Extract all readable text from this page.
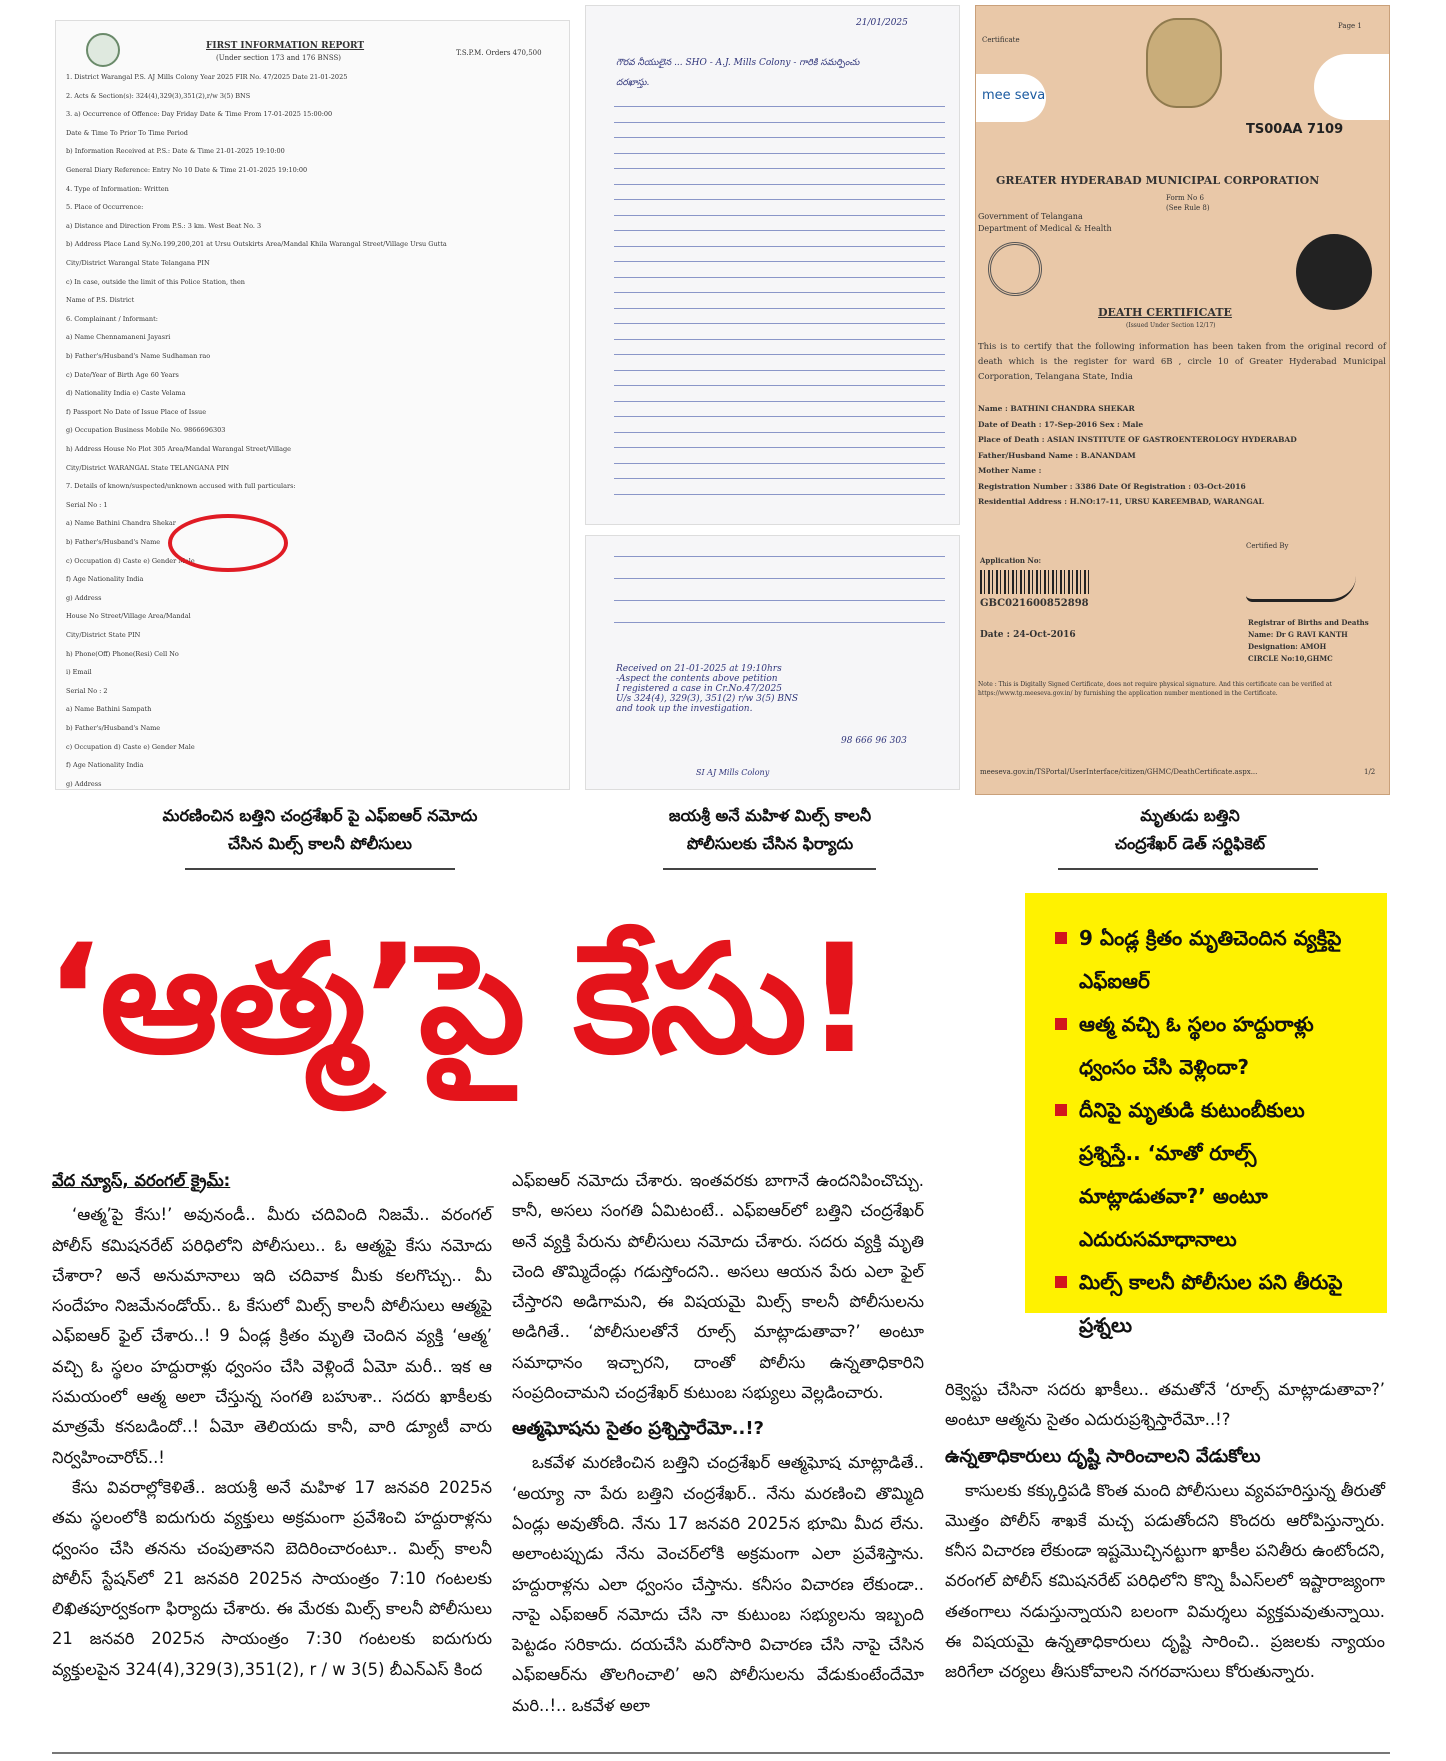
FIRST INFORMATION REPORT
(Under section 173 and 176 BNSS)
T.S.P.M. Orders 470,500
1. District Warangal P.S. AJ Mills Colony Year 2025 FIR No. 47/2025 Date 21-01-2025
2. Acts & Section(s): 324(4),329(3),351(2),r/w 3(5) BNS
3. a) Occurrence of Offence: Day Friday Date & Time From 17-01-2025 15:00:00
Date & Time To Prior To Time Period
b) Information Received at P.S.: Date & Time 21-01-2025 19:10:00
General Diary Reference: Entry No 10 Date & Time 21-01-2025 19:10:00
4. Type of Information: Written
5. Place of Occurrence:
a) Distance and Direction From P.S.: 3 km. West Beat No. 3
b) Address Place Land Sy.No.199,200,201 at Ursu Outskirts Area/Mandal Khila Warangal Street/Village Ursu Gutta
City/District Warangal State Telangana PIN
c) In case, outside the limit of this Police Station, then
Name of P.S. District
6. Complainant / Informant:
a) Name Chennamaneni Jayasri
b) Father's/Husband's Name Sudhaman rao
c) Date/Year of Birth Age 60 Years
d) Nationality India e) Caste Velama
f) Passport No Date of Issue Place of Issue
g) Occupation Business Mobile No. 9866696303
h) Address House No Plot 305 Area/Mandal Warangal Street/Village
City/District WARANGAL State TELANGANA PIN
7. Details of known/suspected/unknown accused with full particulars:
Serial No : 1
a) Name Bathini Chandra Shekar
b) Father's/Husband's Name
c) Occupation d) Caste e) Gender Male
f) Age Nationality India
g) Address
House No Street/Village Area/Mandal
City/District State PIN
h) Phone(Off) Phone(Resi) Cell No
i) Email
Serial No : 2
a) Name Bathini Sampath
b) Father's/Husband's Name
c) Occupation d) Caste e) Gender Male
f) Age Nationality India
g) Address
21/01/2025
గౌరవ నీయులైన ... SHO - A.J. Mills Colony - గారికి సమర్పించు
దరఖాస్తు.
Received on 21-01-2025 at 19:10hrs
-Aspect the contents above petition
I registered a case in Cr.No.47/2025
U/s 324(4), 329(3), 351(2) r/w 3(5) BNS
and took up the investigation.
98 666 96 303
SI AJ Mills Colony
Page 1
Certificate
mee seva
TS00AA 7109
GREATER HYDERABAD MUNICIPAL CORPORATION
Form No 6
(See Rule 8)
Government of Telangana
Department of Medical & Health
DEATH CERTIFICATE
(Issued Under Section 12/17)
This is to certify that the following information has been taken from the original record of death which is the register for ward 6B , circle 10 of Greater Hyderabad Municipal Corporation, Telangana State, India
Name : BATHINI CHANDRA SHEKAR
Date of Death : 17-Sep-2016 Sex : Male
Place of Death : ASIAN INSTITUTE OF GASTROENTEROLOGY HYDERABAD
Father/Husband Name : B.ANANDAM
Mother Name :
Registration Number : 3386 Date Of Registration : 03-Oct-2016
Residential Address : H.NO:17-11, URSU KAREEMBAD, WARANGAL
Certified By
Application No:
GBC021600852898
Date : 24-Oct-2016
Registrar of Births and Deaths
Name: Dr G RAVI KANTH
Designation: AMOH
CIRCLE No:10,GHMC
Note : This is Digitally Signed Certificate, does not require physical signature. And this certificate can be verified at https://www.tg.meeseva.gov.in/ by furnishing the application number mentioned in the Certificate.
meeseva.gov.in/TSPortal/UserInterface/citizen/GHMC/DeathCertificate.aspx...	1/2
మరణించిన బత్తిని చంద్రశేఖర్ పై ఎఫ్ఐఆర్ నమోదు
చేసిన మిల్స్ కాలనీ పోలీసులు
జయశ్రీ అనే మహిళ మిల్స్ కాలనీ
పోలీసులకు చేసిన ఫిర్యాదు
మృతుడు బత్తిని
చంద్రశేఖర్ డెత్ సర్టిఫికెట్
‘ఆత్మ’పై కేసు!	9 ఏండ్ల క్రితం మృతిచెందిన వ్యక్తిపై ఎఫ్ఐఆర్
ఆత్మ వచ్చి ఓ స్థలం హద్దురాళ్లు ధ్వంసం చేసి వెళ్లిందా?
దీనిపై మృతుడి కుటుంబీకులు ప్రశ్నిస్తే.. ‘మాతో రూల్స్ మాట్లాడుతవా?’ అంటూ ఎదురుసమాధానాలు
మిల్స్ కాలనీ పోలీసుల పని తీరుపై ప్రశ్నలు
వేద న్యూస్, వరంగల్ క్రైమ్:

‘ఆత్మ’పై కేసు!’ అవునండీ.. మీరు చదివింది నిజమే.. వరంగల్ పోలీస్ కమిషనరేట్ పరిధిలోని పోలీసులు.. ఓ ఆత్మపై కేసు నమోదు చేశారా? అనే అనుమానాలు ఇది చదివాక మీకు కలగొచ్చు.. మీ సందేహం నిజమేనండోయ్.. ఓ కేసులో మిల్స్ కాలనీ పోలీసులు ఆత్మపై ఎఫ్ఐఆర్ ఫైల్ చేశారు..! 9 ఏండ్ల క్రితం మృతి చెందిన వ్యక్తి ‘ఆత్మ’ వచ్చి ఓ స్థలం హద్దురాళ్లు ధ్వంసం చేసి వెళ్లిందే ఏమో మరీ.. ఇక ఆ సమయంలో ఆత్మ అలా చేస్తున్న సంగతి బహుశా.. సదరు ఖాకీలకు మాత్రమే కనబడిందో..! ఏమో తెలియదు కానీ, వారి డ్యూటీ వారు నిర్వహించారోచ్..!

కేసు వివరాల్లోకెళితే.. జయశ్రీ అనే మహిళ 17 జనవరి 2025న తమ స్థలంలోకి ఐదుగురు వ్యక్తులు అక్రమంగా ప్రవేశించి హద్దురాళ్లను ధ్వంసం చేసి తనను చంపుతానని బెదిరించారంటూ.. మిల్స్ కాలనీ పోలీస్ స్టేషన్‌లో 21 జనవరి 2025న సాయంత్రం 7:10 గంటలకు లిఖితపూర్వకంగా ఫిర్యాదు చేశారు. ఈ మేరకు మిల్స్ కాలనీ పోలీసులు 21 జనవరి 2025న సాయంత్రం 7:30 గంటలకు ఐదుగురు వ్యక్తులపైన 324(4),329(3),351(2), r / w 3(5) బీఎన్ఎస్ కింద

ఎఫ్ఐఆర్ నమోదు చేశారు. ఇంతవరకు బాగానే ఉందనిపించొచ్చు. కానీ, అసలు సంగతి ఏమిటంటే.. ఎఫ్ఐఆర్‌లో బత్తిని చంద్రశేఖర్ అనే వ్యక్తి పేరును పోలీసులు నమోదు చేశారు. సదరు వ్యక్తి మృతి చెంది తొమ్మిదేండ్లు గడుస్తోందని.. అసలు ఆయన పేరు ఎలా ఫైల్ చేస్తారని అడిగామని, ఈ విషయమై మిల్స్ కాలనీ పోలీసులను అడిగితే.. ‘పోలీసులతోనే రూల్స్ మాట్లాడుతావా?’ అంటూ సమాధానం ఇచ్చారని, దాంతో పోలీసు ఉన్నతాధికారిని సంప్రదించామని చంద్రశేఖర్ కుటుంబ సభ్యులు వెల్లడించారు.

ఆత్మఘోషను సైతం ప్రశ్నిస్తారేమో..!?

ఒకవేళ మరణించిన బత్తిని చంద్రశేఖర్ ఆత్మఘోష మాట్లాడితే.. ‘అయ్యా నా పేరు బత్తిని చంద్రశేఖర్.. నేను మరణించి తొమ్మిది ఏండ్లు అవుతోంది. నేను 17 జనవరి 2025న భూమి మీద లేను. అలాంటప్పుడు నేను వెంచర్‌లోకి అక్రమంగా ఎలా ప్రవేశిస్తాను. హద్దురాళ్లను ఎలా ధ్వంసం చేస్తాను. కనీసం విచారణ లేకుండా.. నాపై ఎఫ్ఐఆర్ నమోదు చేసి నా కుటుంబ సభ్యులను ఇబ్బంది పెట్టడం సరికాదు. దయచేసి మరోసారి విచారణ చేసి నాపై చేసిన ఎఫ్ఐఆర్‌ను తొలగించాలి’ అని పోలీసులను వేడుకుంటేందేమో మరి..!.. ఒకవేళ అలా

రిక్వెస్టు చేసినా సదరు ఖాకీలు.. తమతోనే ‘రూల్స్ మాట్లాడుతావా?’ అంటూ ఆత్మను సైతం ఎదురుప్రశ్నిస్తారేమో..!?

ఉన్నతాధికారులు దృష్టి సారించాలని వేడుకోలు

కాసులకు కక్కుర్తిపడి కొంత మంది పోలీసులు వ్యవహరిస్తున్న తీరుతో మొత్తం పోలీస్ శాఖకే మచ్చ పడుతోందని కొందరు ఆరోపిస్తున్నారు. కనీస విచారణ లేకుండా ఇష్టమొచ్చినట్టుగా ఖాకీల పనితీరు ఉంటోందని, వరంగల్ పోలీస్ కమిషనరేట్ పరిధిలోని కొన్ని పీఎస్‌లలో ఇష్టారాజ్యంగా తతంగాలు నడుస్తున్నాయని బలంగా విమర్శలు వ్యక్తమవుతున్నాయి. ఈ విషయమై ఉన్నతాధికారులు దృష్టి సారించి.. ప్రజలకు న్యాయం జరిగేలా చర్యలు తీసుకోవాలని నగరవాసులు కోరుతున్నారు.
